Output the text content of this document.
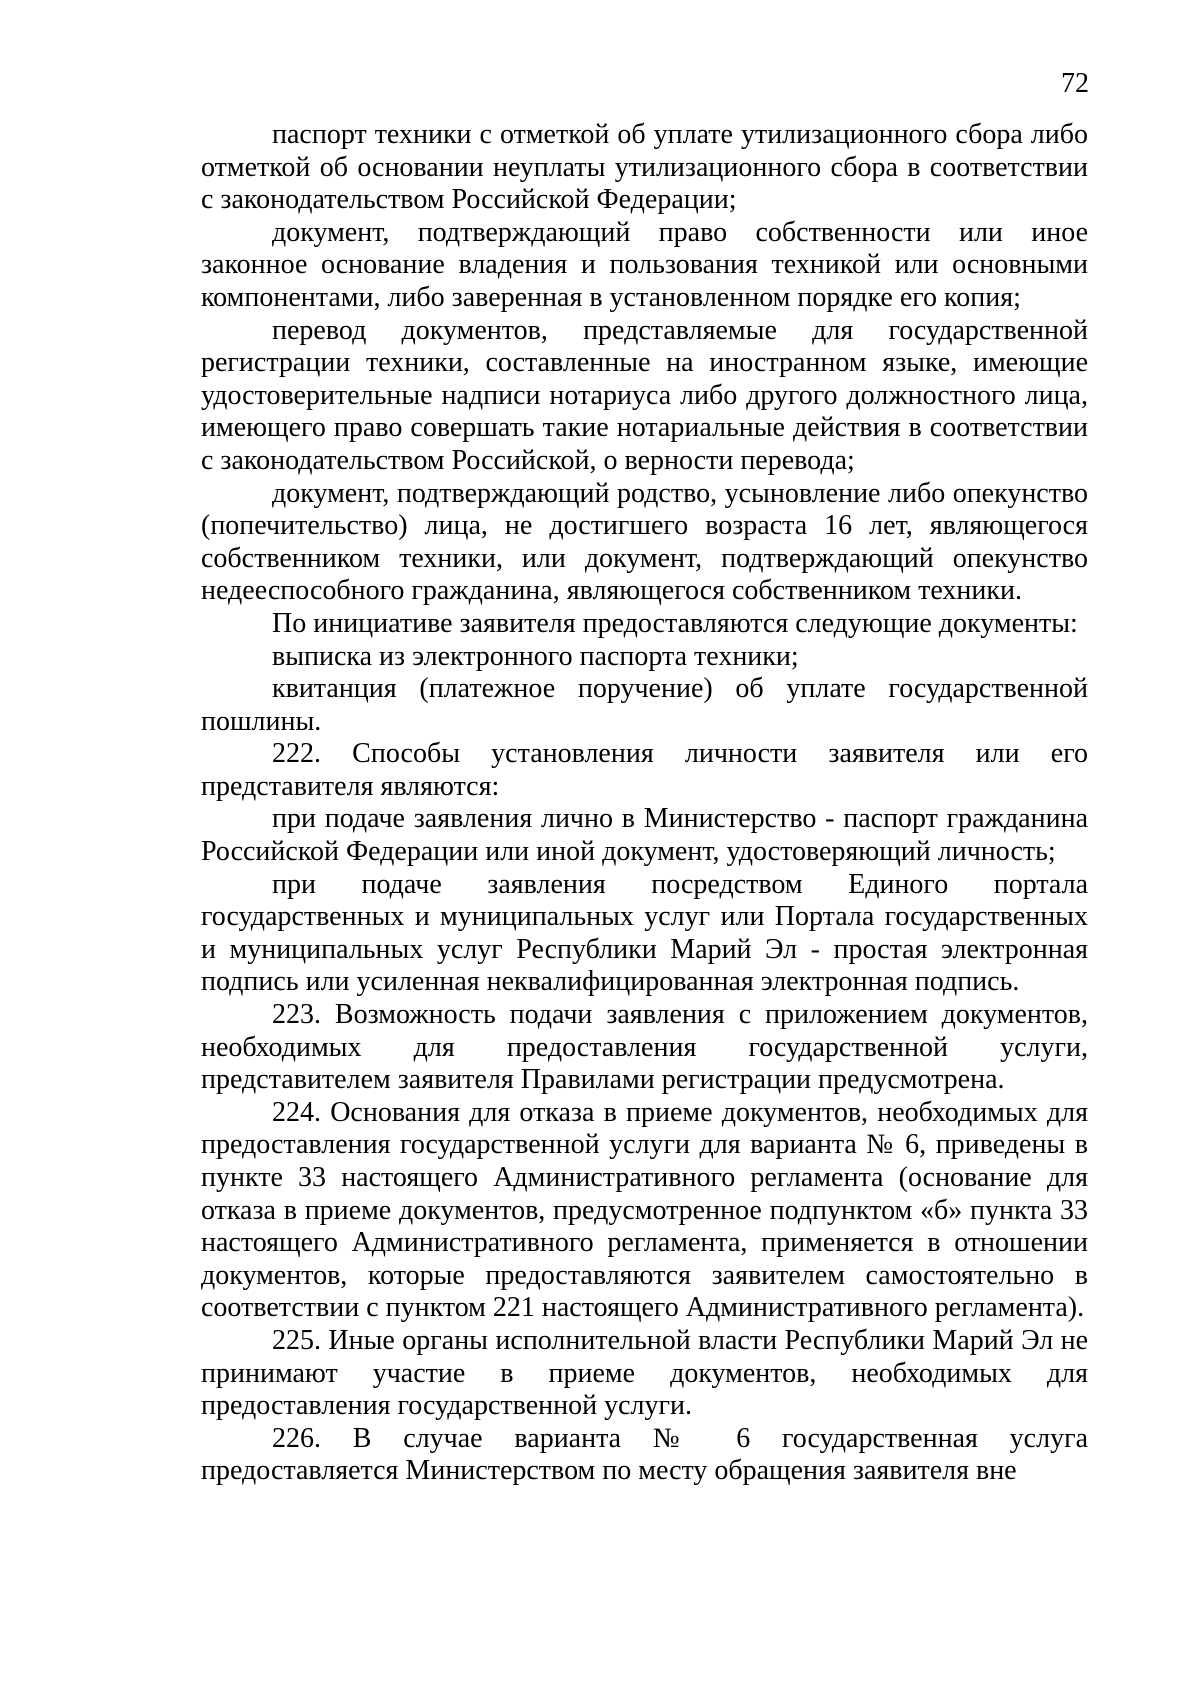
72

паспорт техники с отметкой об уплате утилизационного сбора либо отметкой об основании неуплаты утилизационного сбора в соответствии с законодательством Российской Федерации;

документ, подтверждающий право собственности или иное законное основание владения и пользования техникой или основными компонентами, либо заверенная в установленном порядке его копия;

перевод документов, представляемые для государственной регистрации техники, составленные на иностранном языке, имеющие удостоверительные надписи нотариуса либо другого должностного лица, имеющего право совершать такие нотариальные действия в соответствии с законодательством Российской, о верности перевода;

документ, подтверждающий родство, усыновление либо опекунство (попечительство) лица, не достигшего возраста 16 лет, являющегося собственником техники, или документ, подтверждающий опекунство недееспособного гражданина, являющегося собственником техники.

По инициативе заявителя предоставляются следующие документы:

выписка из электронного паспорта техники;

квитанция (платежное поручение) об уплате государственной пошлины.

222. Способы установления личности заявителя или его представителя являются:

при подаче заявления лично в Министерство - паспорт гражданина Российской Федерации или иной документ, удостоверяющий личность;

при подаче заявления посредством Единого портала государственных и муниципальных услуг или Портала государственных и муниципальных услуг Республики Марий Эл - простая электронная подпись или усиленная неквалифицированная электронная подпись.

223. Возможность подачи заявления с приложением документов, необходимых для предоставления государственной услуги, представителем заявителя Правилами регистрации предусмотрена.

224. Основания для отказа в приеме документов, необходимых для предоставления государственной услуги для варианта № 6, приведены в пункте 33 настоящего Административного регламента (основание для отказа в приеме документов, предусмотренное подпунктом «б» пункта 33 настоящего Административного регламента, применяется в отношении документов, которые предоставляются заявителем самостоятельно в соответствии с пунктом 221 настоящего Административного регламента).

225. Иные органы исполнительной власти Республики Марий Эл не принимают участие в приеме документов, необходимых для предоставления государственной услуги.

226. В случае варианта № 6 государственная услуга предоставляется Министерством по месту обращения заявителя вне
